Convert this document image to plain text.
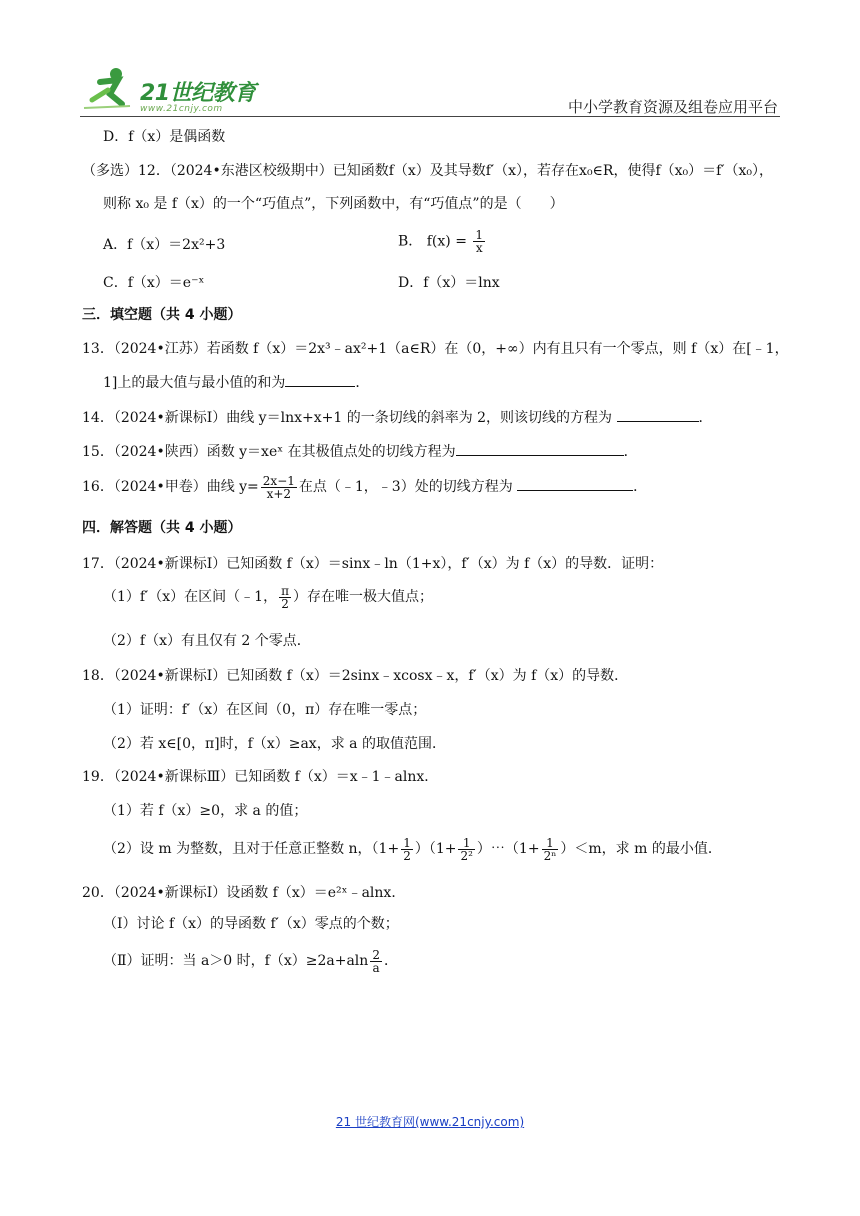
21世纪教育
www.21cnjy.com	中小学教育资源及组卷应用平台
D．f（x）是偶函数
（多选）12．（2024•东港区校级期中）已知函数f（x）及其导数f′（x），若存在x₀∈R，使得f（x₀）＝f′（x₀），
则称 x₀ 是 f（x）的一个“巧值点”，下列函数中，有“巧值点”的是（　　）
A．f（x）＝2x²+3	B． $f(x) = \frac{1}{x}$
C．f（x）＝e⁻ˣ	D．f（x）＝lnx
三．填空题（共 4 小题）
13．（2024•江苏）若函数 f（x）＝2x³﹣ax²+1（a∈R）在（0，+∞）内有且只有一个零点，则 f（x）在[﹣1，
1]上的最大值与最小值的和为	．
14．（2024•新课标Ⅰ）曲线 y＝lnx+x+1 的一条切线的斜率为 2，则该切线的方程为	．
15．（2024•陕西）函数 y＝xeˣ 在其极值点处的切线方程为	．
16．（2024•甲卷）曲线 $y= \frac{2x-1}{x+2}$ 在点（﹣1，﹣3）处的切线方程为	．
四．解答题（共 4 小题）
17．（2024•新课标Ⅰ）已知函数 f（x）＝sinx﹣ln（1+x），f′（x）为 f（x）的导数．证明：
（1）f′（x）在区间（﹣1， $\frac{\pi}{2}$ ）存在唯一极大值点；
（2）f（x）有且仅有 2 个零点．
18．（2024•新课标Ⅰ）已知函数 f（x）＝2sinx﹣xcosx﹣x，f′（x）为 f（x）的导数．
（1）证明：f′（x）在区间（0，π）存在唯一零点；
（2）若 x∈[0，π]时，f（x）≥ax，求 a 的取值范围．
19．（2024•新课标Ⅲ）已知函数 f（x）＝x﹣1﹣alnx．
（1）若 f（x）≥0，求 a 的值；
（2）设 m 为整数，且对于任意正整数 n，$(1+ \frac{1}{2} )(1+ \frac{1}{\text{2²}}$ ）⋯（1+ $\frac{1}{\text{2ⁿ}} )<m$，求 m 的最小值．
20．（2024•新课标Ⅰ）设函数 f（x）＝e²ˣ﹣alnx．
（Ⅰ）讨论 f（x）的导函数 f′（x）零点的个数；
（Ⅱ）证明：当 a＞0 时，$f(x)\ge 2a+aln \frac{2}{a}$ ．
21 世纪教育网(www.21cnjy.com)
